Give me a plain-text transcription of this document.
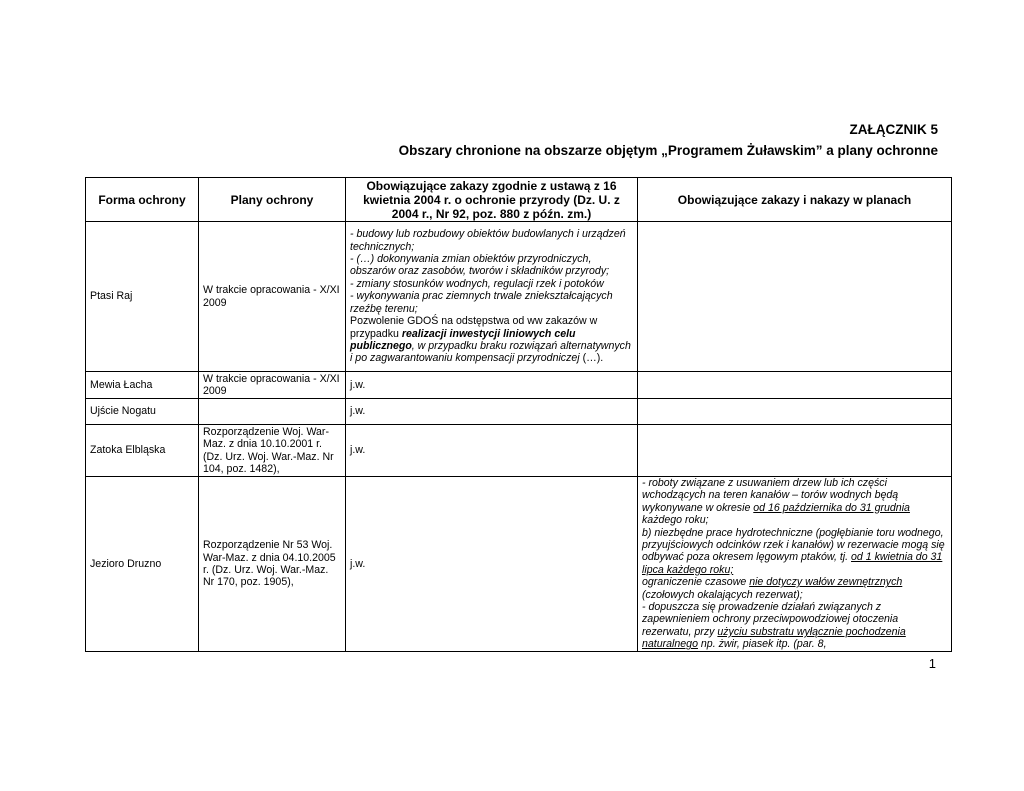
ZAŁĄCZNIK 5
Obszary chronione na obszarze objętym „Programem Żuławskim” a plany ochronne
Forma ochrony	Plany ochrony	Obowiązujące zakazy zgodnie z ustawą z 16 kwietnia 2004 r. o ochronie przyrody (Dz. U. z 2004 r., Nr 92, poz. 880 z późn. zm.)	Obowiązujące zakazy i nakazy w planach
Ptasi Raj	W trakcie opracowania - X/XI 2009	- budowy lub rozbudowy obiektów budowlanych i urządzeń technicznych;
- (…) dokonywania zmian obiektów przyrodniczych, obszarów oraz zasobów, tworów i składników przyrody;
- zmiany stosunków wodnych, regulacji rzek i potoków
- wykonywania prac ziemnych trwale zniekształcających rzeźbę terenu;
Pozwolenie GDOŚ na odstępstwa od ww zakazów w przypadku realizacji inwestycji liniowych celu publicznego, w przypadku braku rozwiązań alternatywnych i po zagwarantowaniu kompensacji przyrodniczej (…).	

Mewia Łacha	W trakcie opracowania - X/XI 2009	j.w.	
Ujście Nogatu		j.w.	
Zatoka Elbląska	Rozporządzenie Woj. War-Maz. z dnia 10.10.2001 r. (Dz. Urz. Woj. War.-Maz. Nr 104, poz. 1482),	j.w.	
Jezioro Druzno	Rozporządzenie Nr 53 Woj. War-Maz. z dnia 04.10.2005 r. (Dz. Urz. Woj. War.-Maz. Nr 170, poz. 1905),	j.w.	- roboty związane z usuwaniem drzew lub ich części wchodzących na teren kanałów – torów wodnych będą wykonywane w okresie od 16 października do 31 grudnia każdego roku;
b) niezbędne prace hydrotechniczne (pogłębianie toru wodnego, przyujściowych odcinków rzek i kanałów) w rezerwacie mogą się odbywać poza okresem lęgowym ptaków, tj. od 1 kwietnia do 31 lipca każdego roku;
ograniczenie czasowe nie dotyczy wałów zewnętrznych (czołowych okalających rezerwat);
- dopuszcza się prowadzenie działań związanych z zapewnieniem ochrony przeciwpowodziowej otoczenia rezerwatu, przy użyciu substratu wyłącznie pochodzenia naturalnego np. żwir, piasek itp. (par. 8,
1
